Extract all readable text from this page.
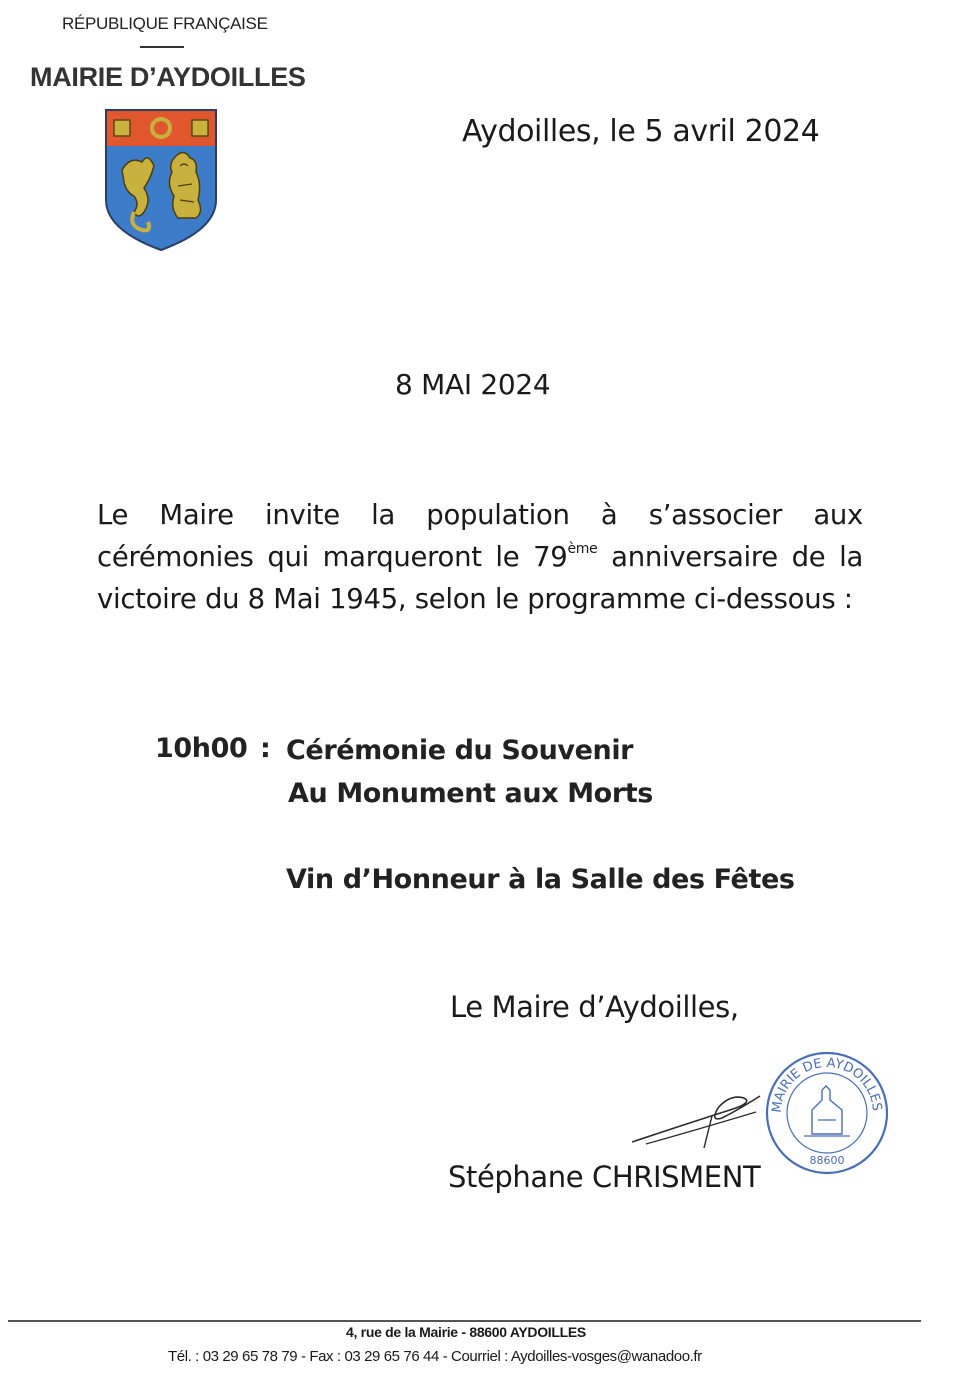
RÉPUBLIQUE FRANÇAISE
MAIRIE D’AYDOILLES
Aydoilles, le 5 avril 2024
8 MAI 2024
Le Maire invite la population à s’associer aux cérémonies qui marqueront le 79ème anniversaire de la victoire du 8 Mai 1945, selon le programme ci-dessous :
10h00 : Cérémonie du Souvenir
Au Monument aux Morts
Vin d’Honneur à la Salle des Fêtes
Le Maire d’Aydoilles,
MAIRIE DE AYDOILLES
88600
Stéphane CHRISMENT
4, rue de la Mairie - 88600 AYDOILLES
Tél. : 03 29 65 78 79 - Fax : 03 29 65 76 44 - Courriel : Aydoilles-vosges@wanadoo.fr
